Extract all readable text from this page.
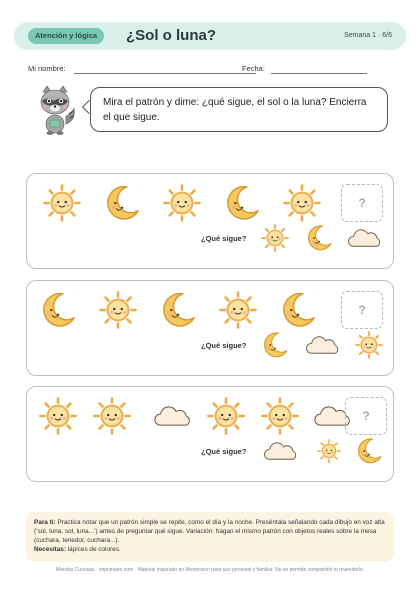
Atención y lógica	¿Sol o luna?	Semana 1 · 6/6
Mi nombre:	Fecha:
Mira el patrón y dime: ¿qué sigue, el sol o la luna? Encierra el que sigue.
?
¿Qué sigue?
?
¿Qué sigue?
?
¿Qué sigue?
Para ti: Practica notar que un patrón simple se repite, como el día y la noche. Preséntala señalando cada dibujo en voz alta (‘sol, luna, sol, luna...’) antes de preguntar qué sigue. Variación: hagan el mismo patrón con objetos reales sobre la mesa (cuchara, tenedor, cuchara...).
Necesitas: lápices de colores.
Manitas Curiosas · imprimario.com · Material inspirado en Montessori para uso personal y familiar. No se permite compartirlo ni revenderlo.
